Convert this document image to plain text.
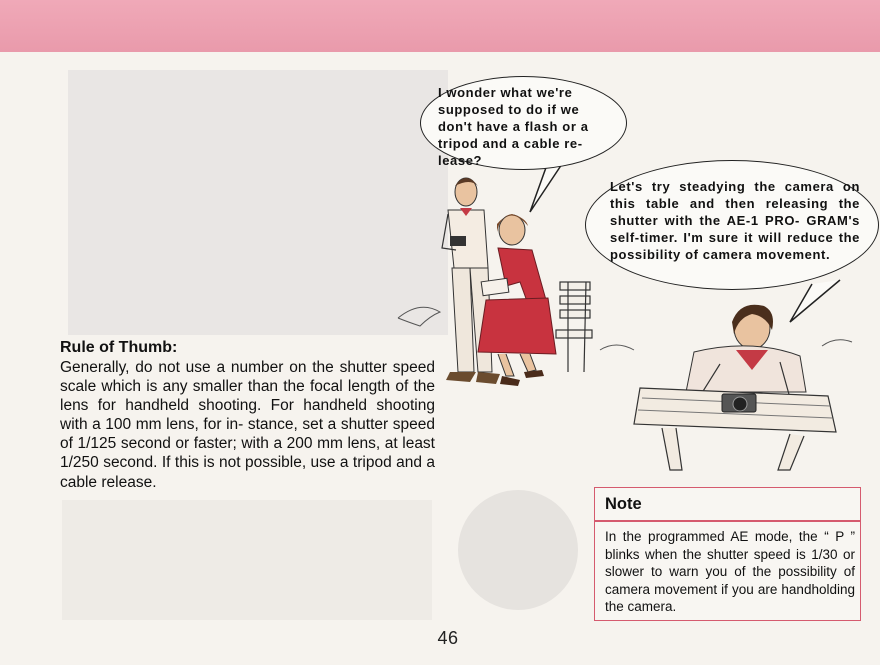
I wonder what we're supposed to do if we don't have a flash or a tripod and a cable re- lease?
Let's try steadying the camera on this table and then releasing the shutter with the AE-1 PRO- GRAM's self-timer. I'm sure it will reduce the possibility of camera movement.
Rule of Thumb:

Generally, do not use a number on the shutter speed scale which is any smaller than the focal length of the lens for handheld shooting. For handheld shooting with a 100 mm lens, for in- stance, set a shutter speed of 1/125 second or faster; with a 200 mm lens, at least 1/250 second. If this is not possible, use a tripod and a cable release.

Note
In the programmed AE mode, the “ P ” blinks when the shutter speed is 1/30 or slower to warn you of the possibility of camera movement if you are handholding the camera.
46
